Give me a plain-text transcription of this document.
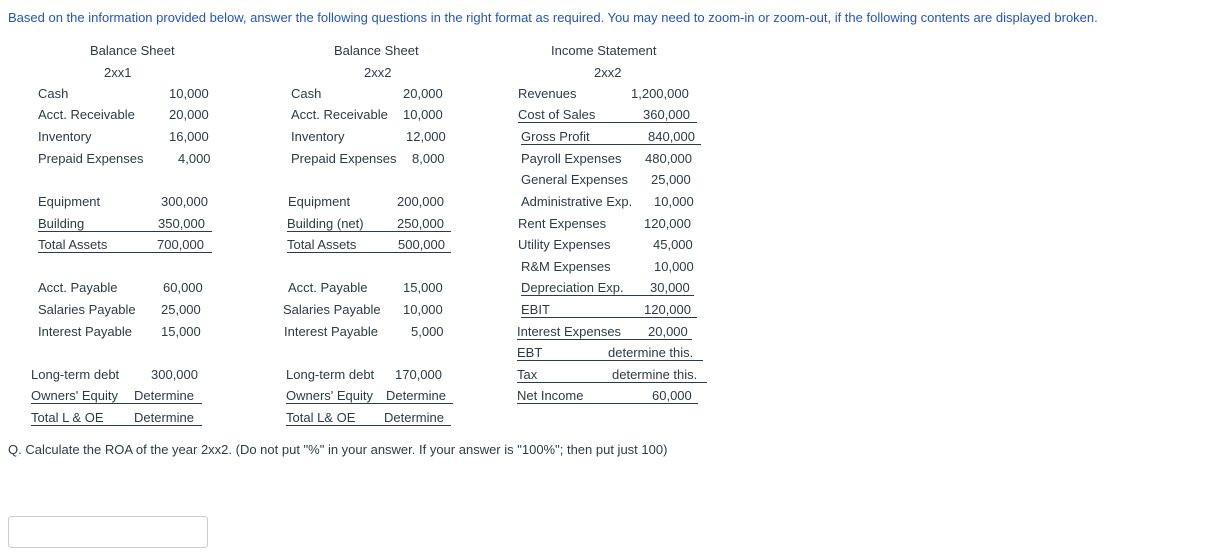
Based on the information provided below, answer the following questions in the right format as required. You may need to zoom-in or zoom-out, if the following contents are displayed broken.
Balance Sheet
2xx1
Cash	10,000
Acct. Receivable	20,000
Inventory	16,000
Prepaid Expenses	4,000
Equipment	300,000
Building	350,000
Total Assets	700,000
Acct. Payable	60,000
Salaries Payable 25,000
Interest Payable 15,000
Long-term debt 300,000
Owners' Equity Determine
Total L & OE Determine
Balance Sheet
2xx2
Cash	20,000
Acct. Receivable 10,000
Inventory	12,000
Prepaid Expenses 8,000
Equipment	200,000
Building (net)	250,000
Total Assets	500,000
Acct. Payable	15,000
Salaries Payable 10,000
Interest Payable	5,000
Long-term debt 170,000
Owners' Equity Determine
Total L& OE Determine
Income Statement
2xx2
Revenues	1,200,000
Cost of Sales	360,000
Gross Profit	840,000
Payroll Expenses 480,000
General Expenses 25,000
Administrative Exp. 10,000
Rent Expenses	120,000
Utility Expenses	45,000
R&M Expenses	10,000
Depreciation Exp. 30,000
EBIT	120,000
Interest Expenses 20,000
EBT	determine this.
Tax	determine this.
Net Income	60,000
Q. Calculate the ROA of the year 2xx2. (Do not put "%" in your answer. If your answer is "100%"; then put just 100)
